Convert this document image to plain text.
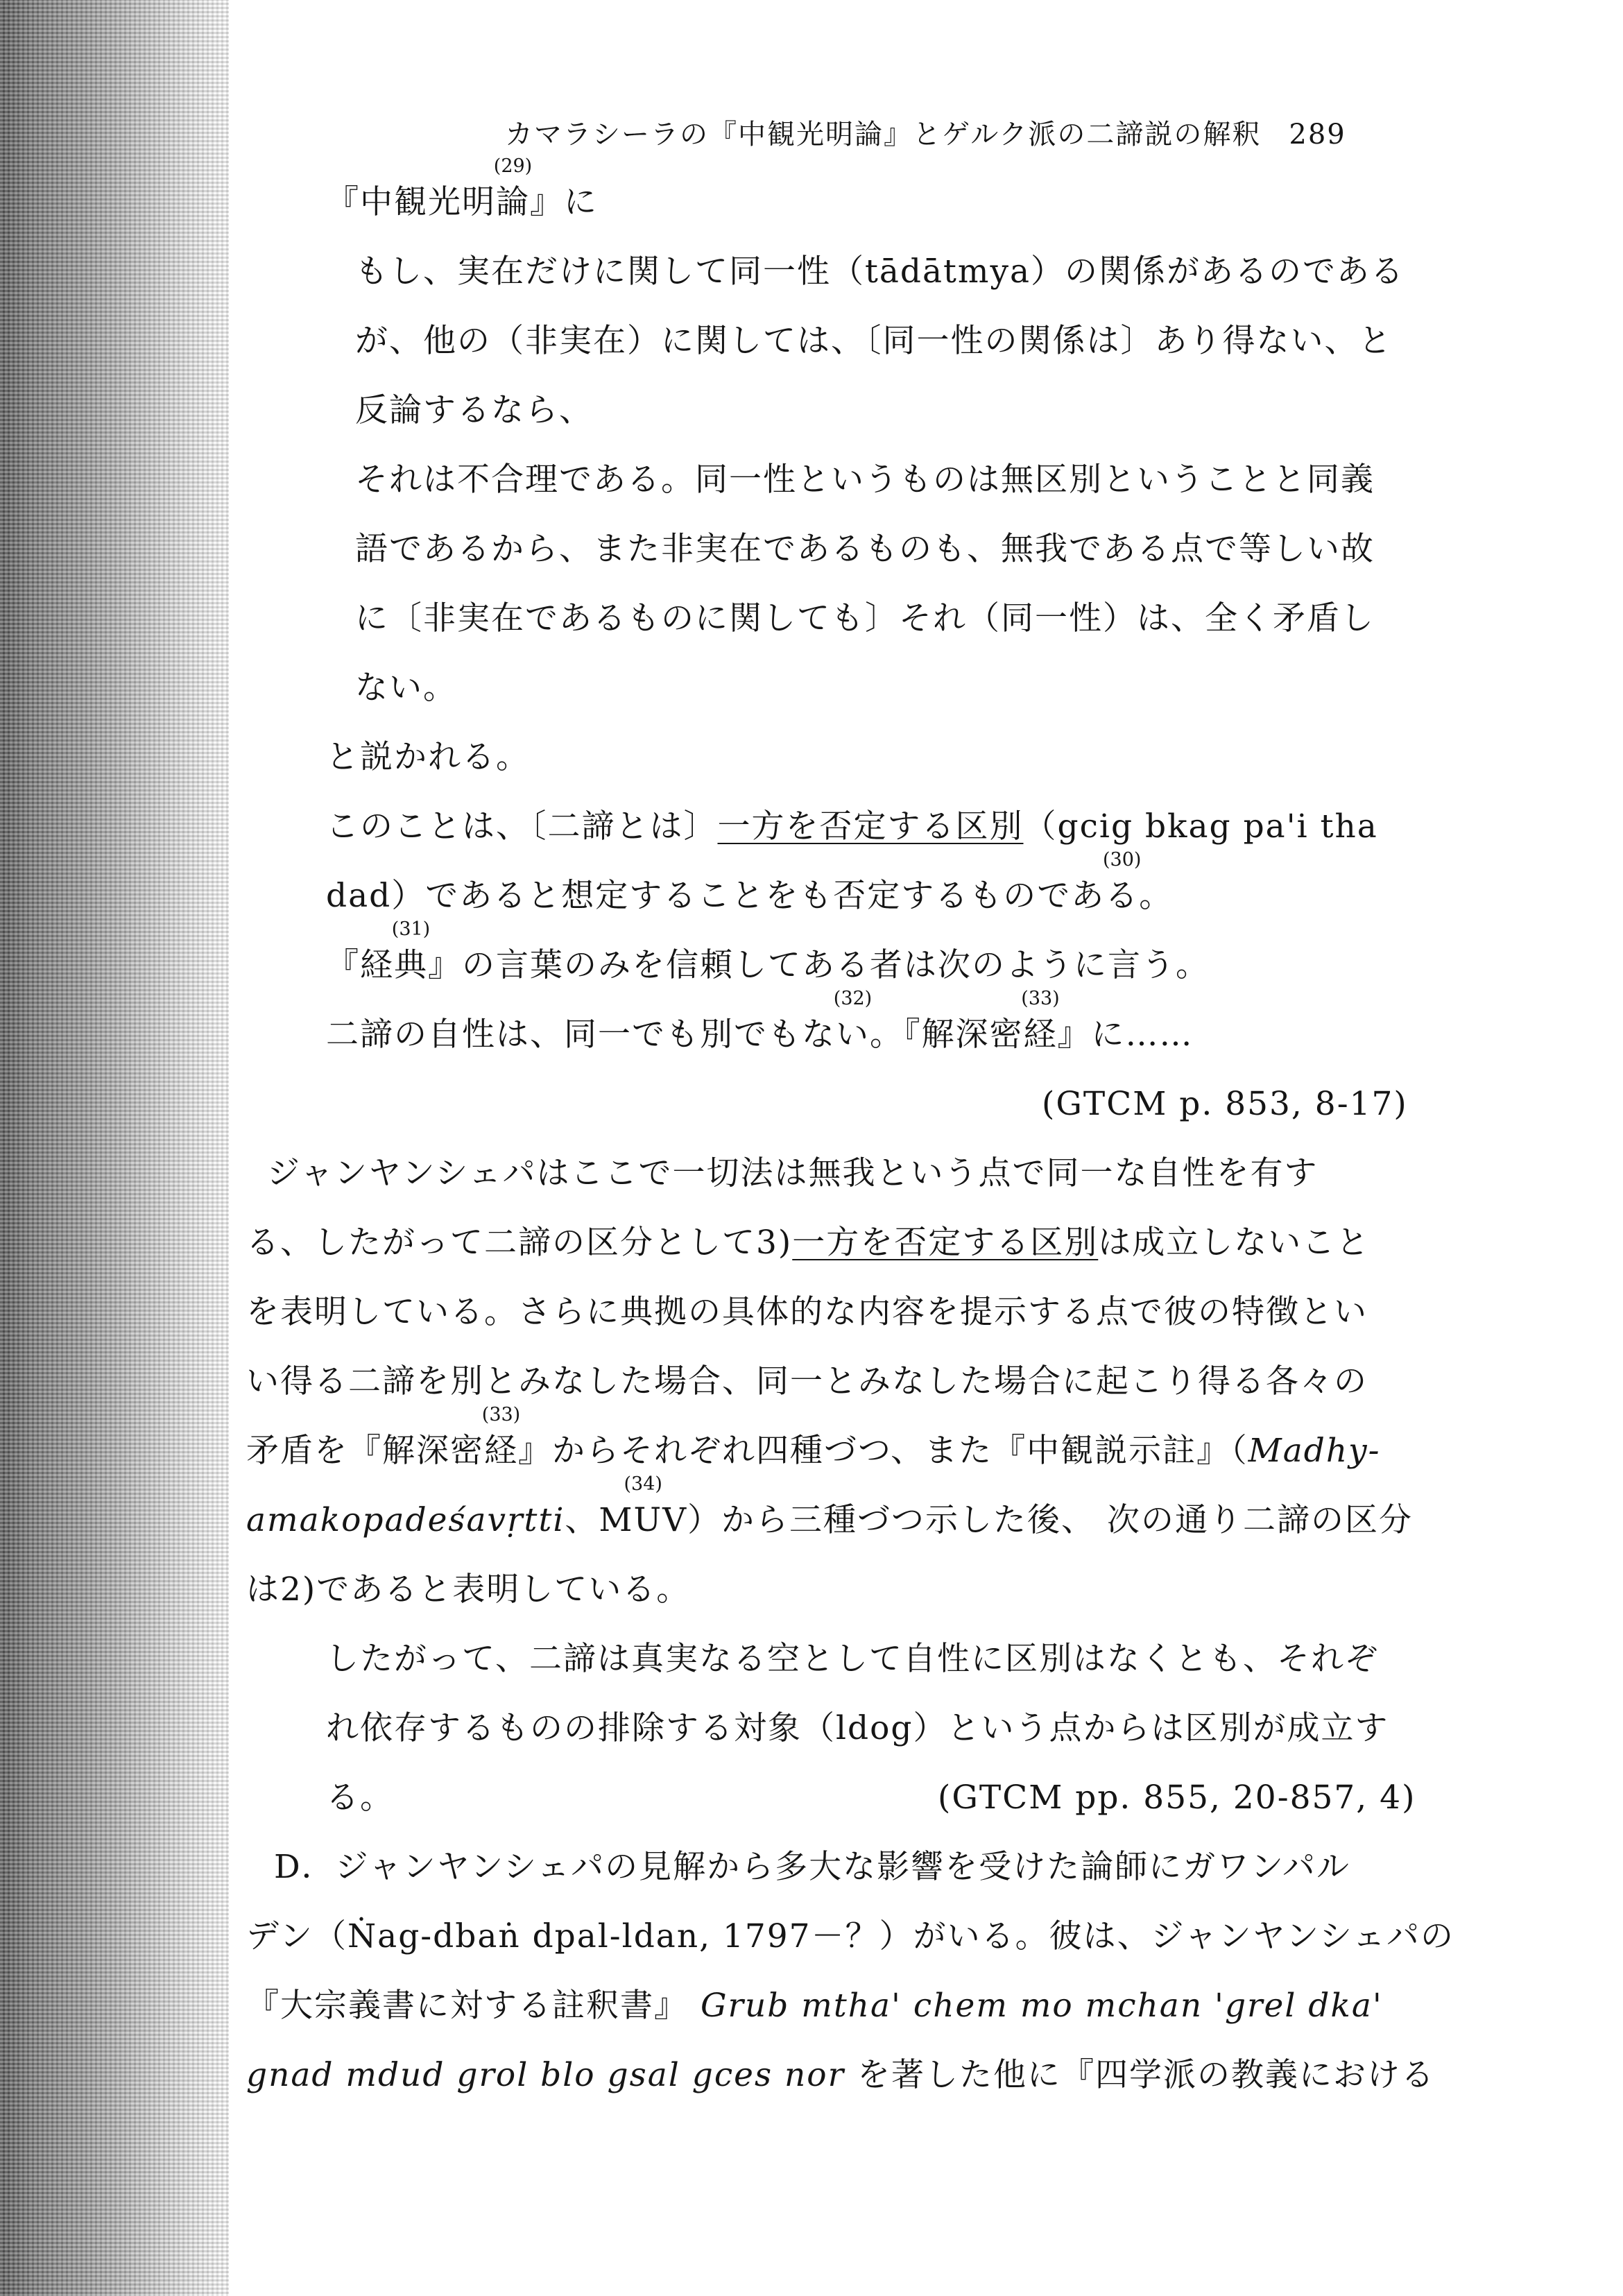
カマラシーラの『中観光明論』とゲルク派の二諦説の解釈 289
『中観光明論
(29)
』に
もし、実在だけに関して同一性（tādātmya）の関係があるのである
が、他の（非実在）に関しては、〔同一性の関係は〕あり得ない、と
反論するなら、
それは不合理である。同一性というものは無区別ということと同義
語であるから、また非実在であるものも、無我である点で等しい故
に〔非実在であるものに関しても〕それ（同一性）は、全く矛盾し
ない。
と説かれる。
このことは、〔二諦とは〕一方を否定する区別（gcig bkag pa'i tha
dad）であると想定することをも否定するものである
(30)
。
『経典
(31)
』の言葉のみを信頼してある者は次のように言う。
二諦の自性は、同一でも別でもない
(32)
。『解深密経
(33)
』に……
(GTCM p. 853, 8-17)
ジャンヤンシェパはここで一切法は無我という点で同一な自性を有す
る、したがって二諦の区分として3)一方を否定する区別は成立しないこと
を表明している。さらに典拠の具体的な内容を提示する点で彼の特徴とい
い得る二諦を別とみなした場合、同一とみなした場合に起こり得る各々の
矛盾を『解深密経
(33)
』からそれぞれ四種づつ、また『中観説示註』（Madhy-
amakopadeśavṛtti、MUV
(34)
）から三種づつ示した後、 次の通り二諦の区分
は2)であると表明している。
したがって、二諦は真実なる空として自性に区別はなくとも、それぞ
れ依存するものの排除する対象（ldog）という点からは区別が成立す
る。	(GTCM pp. 855, 20-857, 4)
D．ジャンヤンシェパの見解から多大な影響を受けた論師にガワンパル
デン（Ṅag-dbaṅ dpal-ldan, 1797－？）がいる。彼は、ジャンヤンシェパの
『大宗義書に対する註釈書』 Grub mtha' chem mo mchan 'grel dka'
gnad mdud grol blo gsal gces nor を著した他に『四学派の教義における
